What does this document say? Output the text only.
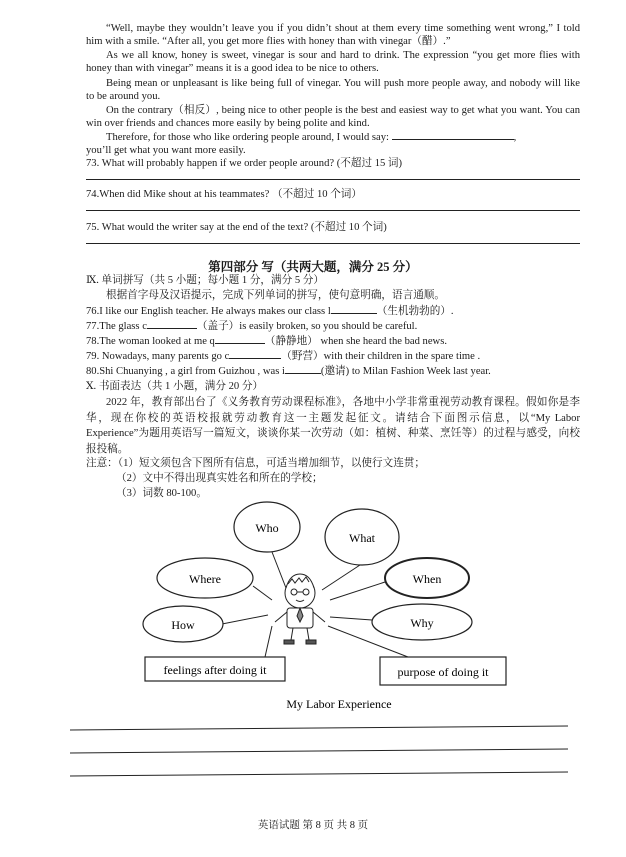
“Well, maybe they wouldn’t leave you if you didn’t shout at them every time something went wrong,” I told him with a smile. “After all, you get more flies with honey than with vinegar（醋）.”
As we all know, honey is sweet, vinegar is sour and hard to drink. The expression “you get more flies with honey than with vinegar” means it is a good idea to be nice to others.
Being mean or unpleasant is like being full of vinegar. You will push more people away, and nobody will like to be around you.
On the contrary（相反）, being nice to other people is the best and easiest way to get what you want. You can win over friends and chances more easily by being polite and kind.
Therefore, for those who like ordering people around, I would say:	,
you’ll get what you want more easily.
73. What will probably happen if we order people around? (不超过 15 词)
74.When did Mike shout at his teammates? （不超过 10 个词）
75. What would the writer say at the end of the text? (不超过 10 个词)
第四部分 写（共两大题，满分 25 分）
Ⅸ. 单词拼写（共 5 小题；每小题 1 分，满分 5 分）
根据首字母及汉语提示，完成下列单词的拼写，使句意明确，语言通顺。
76.I like our English teacher. He always makes our class l	（生机勃勃的）.
77.The glass c	（盖子）is easily broken, so you should be careful.
78.The woman looked at me q	（静静地） when she heard the bad news.
79. Nowadays, many parents go c	（野营）with their children in the spare time .
80.Shi Chuanying , a girl from Guizhou , was i	(邀请) to Milan Fashion Week last year.
Ⅹ. 书面表达（共 1 小题，满分 20 分）
2022 年，教育部出台了《义务教育劳动课程标准》，各地中小学非常重视劳动教育课程。假如你是李华，现在你校的英语校报就劳动教育这一主题发起征文。请结合下面图示信息，以“My Labor Experience”为题用英语写一篇短文，谈谈你某一次劳动（如：植树、种菜、烹饪等）的过程与感受，向校报投稿。
注意：（1）短文须包含下图所有信息，可适当增加细节，以使行文连贯；
（2）文中不得出现真实姓名和所在的学校；
（3）词数 80-100。
Who
What
Where	When
How	Why
feelings after doing it	purpose of doing it
My Labor Experience
英语试题 第 8 页 共 8 页
